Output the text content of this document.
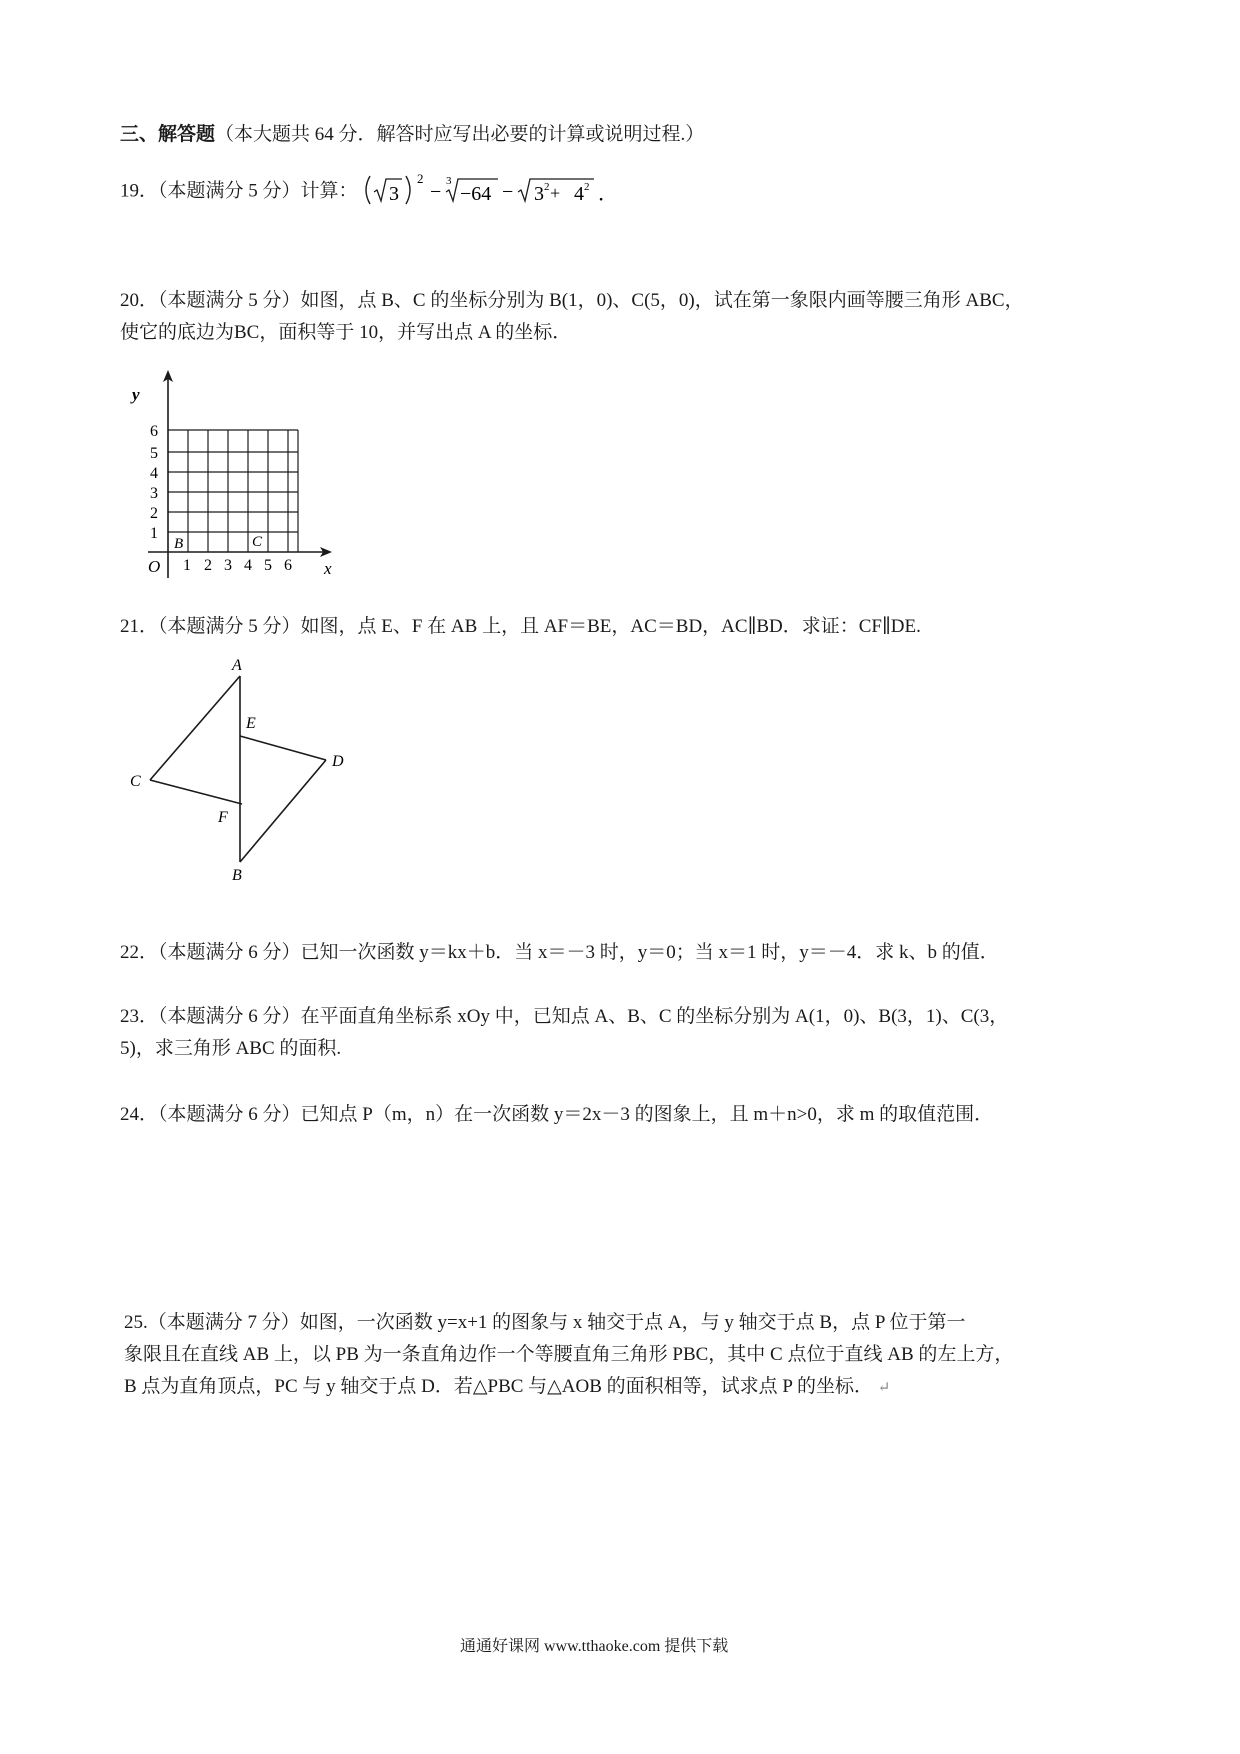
三、解答题（本大题共 64 分．解答时应写出必要的计算或说明过程.）
19．（本题满分 5 分）计算： 3
2
− 3
−64 − 3 2 + 4 2 ．
20．（本题满分 5 分）如图，点 B、C 的坐标分别为 B(1，0)、C(5，0)，试在第一象限内画等腰三角形 ABC，
使它的底边为BC，面积等于 10，并写出点 A 的坐标．
y
x
O
1
2
3
4
5
6
1 2 3 4 5 6
B	C
21．（本题满分 5 分）如图，点 E、F 在 AB 上，且 AF＝BE，AC＝BD，AC∥BD．求证：CF∥DE.
A
E
D
C
F
B
22．（本题满分 6 分）已知一次函数 y＝kx＋b．当 x＝－3 时，y＝0；当 x＝1 时，y＝－4．求 k、b 的值．
23．（本题满分 6 分）在平面直角坐标系 xOy 中，已知点 A、B、C 的坐标分别为 A(1，0)、B(3，1)、C(3，
5)，求三角形 ABC 的面积.
24．（本题满分 6 分）已知点 P（m，n）在一次函数 y＝2x－3 的图象上，且 m＋n>0，求 m 的取值范围．
25.（本题满分 7 分）如图，一次函数 y=x+1 的图象与 x 轴交于点 A，与 y 轴交于点 B，点 P 位于第一
象限且在直线 AB 上，以 PB 为一条直角边作一个等腰直角三角形 PBC，其中 C 点位于直线 AB 的左上方，
B 点为直角顶点，PC 与 y 轴交于点 D．若△PBC 与△AOB 的面积相等，试求点 P 的坐标． ↵
通通好课网 www.tthaoke.com 提供下载
